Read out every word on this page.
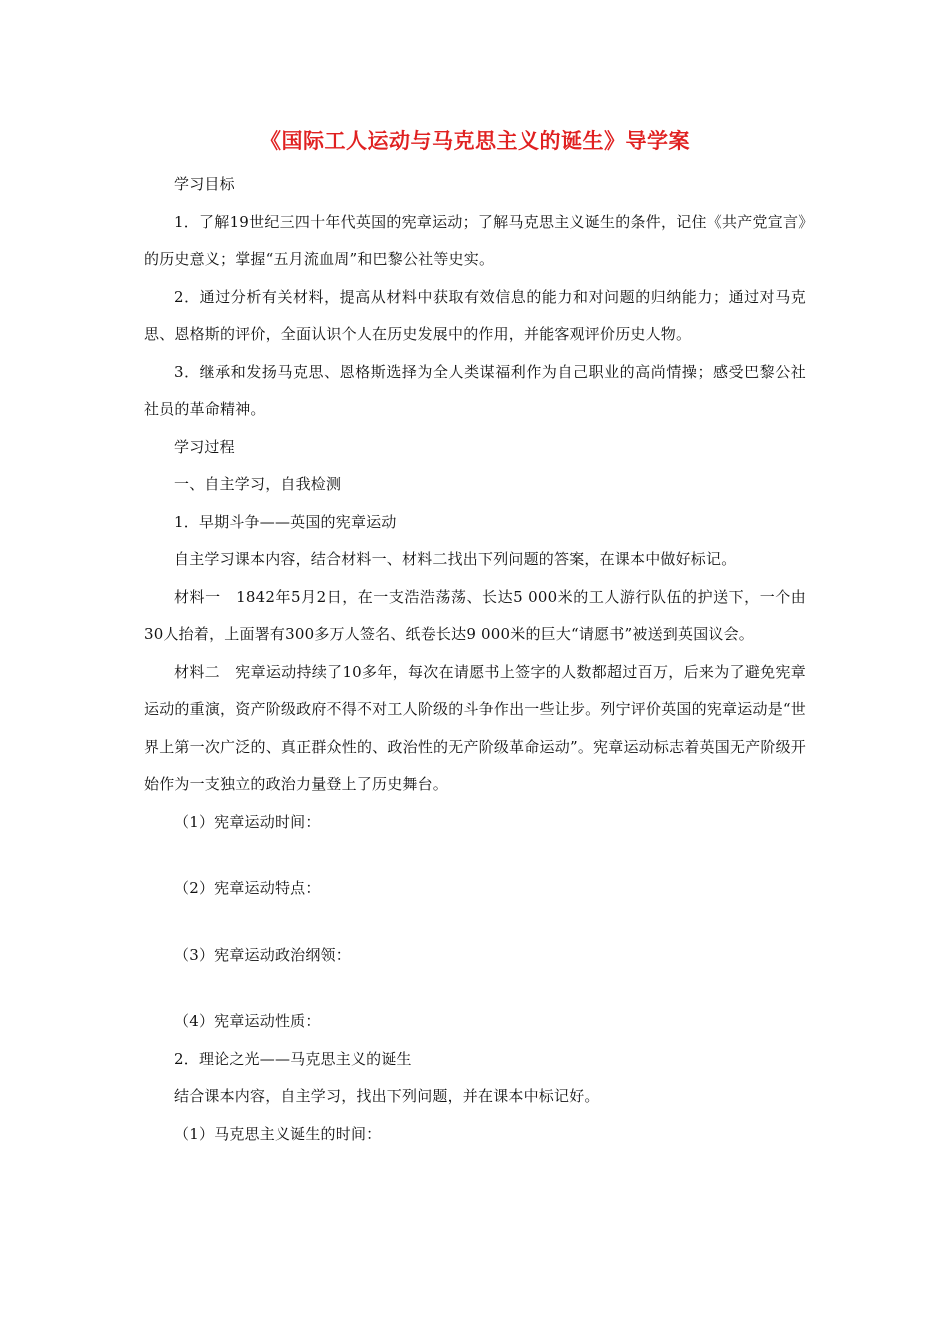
《国际工人运动与马克思主义的诞生》导学案

学习目标

1．了解19世纪三四十年代英国的宪章运动；了解马克思主义诞生的条件，记住《共产党宣言》的历史意义；掌握“五月流血周”和巴黎公社等史实。

2．通过分析有关材料，提高从材料中获取有效信息的能力和对问题的归纳能力；通过对马克思、恩格斯的评价，全面认识个人在历史发展中的作用，并能客观评价历史人物。

3．继承和发扬马克思、恩格斯选择为全人类谋福利作为自己职业的高尚情操；感受巴黎公社社员的革命精神。

学习过程

一、自主学习，自我检测

1．早期斗争——英国的宪章运动

自主学习课本内容，结合材料一、材料二找出下列问题的答案，在课本中做好标记。

材料一　1842年5月2日，在一支浩浩荡荡、长达5 000米的工人游行队伍的护送下，一个由30人抬着，上面署有300多万人签名、纸卷长达9 000米的巨大“请愿书”被送到英国议会。

材料二　宪章运动持续了10多年，每次在请愿书上签字的人数都超过百万，后来为了避免宪章运动的重演，资产阶级政府不得不对工人阶级的斗争作出一些让步。列宁评价英国的宪章运动是“世界上第一次广泛的、真正群众性的、政治性的无产阶级革命运动”。宪章运动标志着英国无产阶级开始作为一支独立的政治力量登上了历史舞台。

（1）宪章运动时间：

（2）宪章运动特点：

（3）宪章运动政治纲领：

（4）宪章运动性质：

2．理论之光——马克思主义的诞生

结合课本内容，自主学习，找出下列问题，并在课本中标记好。

（1）马克思主义诞生的时间：
